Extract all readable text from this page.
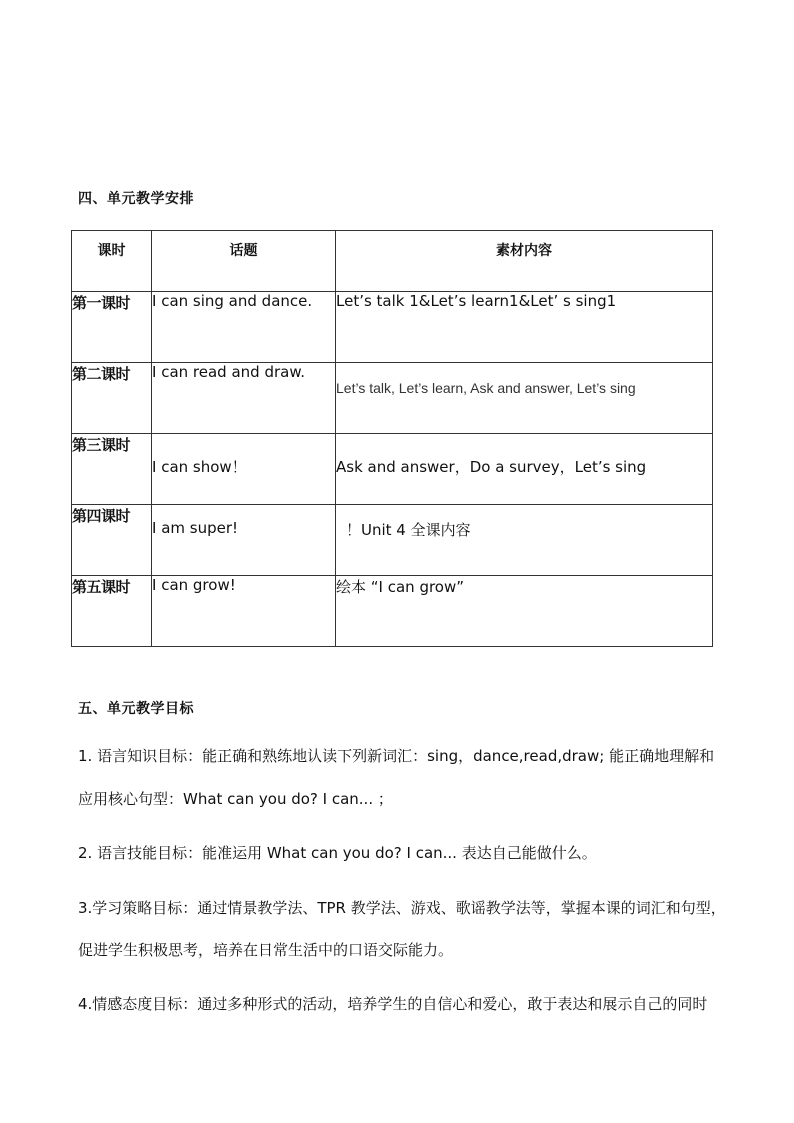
四、单元教学安排
课时	话题	素材内容
第一课时	I can sing and dance.	Let’s talk 1&Let’s learn1&Let’ s sing1
第二课时	I can read and draw.	Let’s talk, Let’s learn, Ask and answer, Let’s sing
第三课时	I can show！	Ask and answer，Do a survey，Let’s sing
第四课时	I am super!	！Unit 4 全课内容
第五课时	I can grow!	绘本 “I can grow”
五、单元教学目标
1. 语言知识目标：能正确和熟练地认读下列新词汇：sing，dance,read,draw; 能正确地理解和
应用核心句型：What can you do? I can... ；
2. 语言技能目标：能准运用 What can you do? I can... 表达自己能做什么。
3.学习策略目标：通过情景教学法、TPR 教学法、游戏、歌谣教学法等，掌握本课的词汇和句型，
促进学生积极思考，培养在日常生活中的口语交际能力。
4.情感态度目标：通过多种形式的活动，培养学生的自信心和爱心，敢于表达和展示自己的同时
